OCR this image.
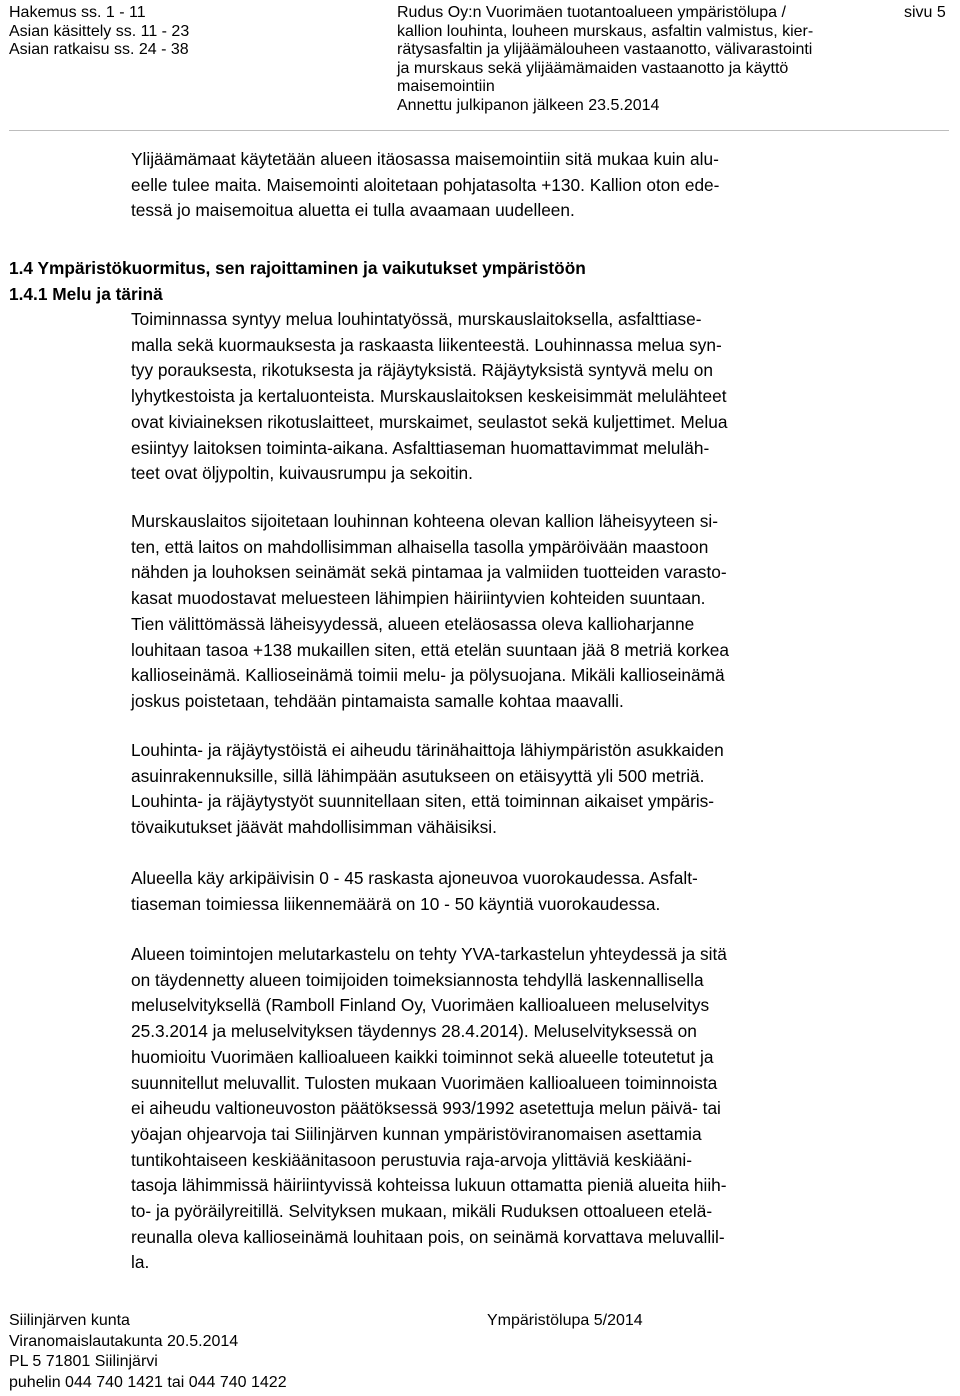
Hakemus ss. 1 - 11
Asian käsittely ss. 11 - 23
Asian ratkaisu ss. 24 - 38
Rudus Oy:n Vuorimäen tuotantoalueen ympäristölupa /
kallion louhinta, louheen murskaus, asfaltin valmistus, kier-
rätysasfaltin ja ylijäämälouheen vastaanotto, välivarastointi
ja murskaus sekä ylijäämämaiden vastaanotto ja käyttö
maisemointiin
Annettu julkipanon jälkeen 23.5.2014
sivu 5
Ylijäämämaat käytetään alueen itäosassa maisemointiin sitä mukaa kuin alu-
eelle tulee maita. Maisemointi aloitetaan pohjatasolta +130. Kallion oton ede-
tessä jo maisemoitua aluetta ei tulla avaamaan uudelleen.
1.4 Ympäristökuormitus, sen rajoittaminen ja vaikutukset ympäristöön
1.4.1 Melu ja tärinä
Toiminnassa syntyy melua louhintatyössä, murskauslaitoksella, asfalttiase-
malla sekä kuormauksesta ja raskaasta liikenteestä. Louhinnassa melua syn-
tyy porauksesta, rikotuksesta ja räjäytyksistä. Räjäytyksistä syntyvä melu on
lyhytkestoista ja kertaluonteista. Murskauslaitoksen keskeisimmät melulähteet
ovat kiviaineksen rikotuslaitteet, murskaimet, seulastot sekä kuljettimet. Melua
esiintyy laitoksen toiminta-aikana. Asfalttiaseman huomattavimmat meluläh-
teet ovat öljypoltin, kuivausrumpu ja sekoitin.
Murskauslaitos sijoitetaan louhinnan kohteena olevan kallion läheisyyteen si-
ten, että laitos on mahdollisimman alhaisella tasolla ympäröivään maastoon
nähden ja louhoksen seinämät sekä pintamaa ja valmiiden tuotteiden varasto-
kasat muodostavat meluesteen lähimpien häiriintyvien kohteiden suuntaan.
Tien välittömässä läheisyydessä, alueen eteläosassa oleva kallioharjanne
louhitaan tasoa +138 mukaillen siten, että etelän suuntaan jää 8 metriä korkea
kallioseinämä. Kallioseinämä toimii melu- ja pölysuojana. Mikäli kallioseinämä
joskus poistetaan, tehdään pintamaista samalle kohtaa maavalli.
Louhinta- ja räjäytystöistä ei aiheudu tärinähaittoja lähiympäristön asukkaiden
asuinrakennuksille, sillä lähimpään asutukseen on etäisyyttä yli 500 metriä.
Louhinta- ja räjäytystyöt suunnitellaan siten, että toiminnan aikaiset ympäris-
tövaikutukset jäävät mahdollisimman vähäisiksi.
Alueella käy arkipäivisin 0 - 45 raskasta ajoneuvoa vuorokaudessa. Asfalt-
tiaseman toimiessa liikennemäärä on 10 - 50 käyntiä vuorokaudessa.
Alueen toimintojen melutarkastelu on tehty YVA-tarkastelun yhteydessä ja sitä
on täydennetty alueen toimijoiden toimeksiannosta tehdyllä laskennallisella
meluselvityksellä (Ramboll Finland Oy, Vuorimäen kallioalueen meluselvitys
25.3.2014 ja meluselvityksen täydennys 28.4.2014). Meluselvityksessä on
huomioitu Vuorimäen kallioalueen kaikki toiminnot sekä alueelle toteutetut ja
suunnitellut meluvallit. Tulosten mukaan Vuorimäen kallioalueen toiminnoista
ei aiheudu valtioneuvoston päätöksessä 993/1992 asetettuja melun päivä- tai
yöajan ohjearvoja tai Siilinjärven kunnan ympäristöviranomaisen asettamia
tuntikohtaiseen keskiäänitasoon perustuvia raja-arvoja ylittäviä keskiääni-
tasoja lähimmissä häiriintyvissä kohteissa lukuun ottamatta pieniä alueita hiih-
to- ja pyöräilyreitillä. Selvityksen mukaan, mikäli Ruduksen ottoalueen etelä-
reunalla oleva kallioseinämä louhitaan pois, on seinämä korvattava meluvallil-
la.
Siilinjärven kunta
Viranomaislautakunta 20.5.2014
PL 5 71801 Siilinjärvi
puhelin 044 740 1421 tai 044 740 1422
Ympäristölupa 5/2014
